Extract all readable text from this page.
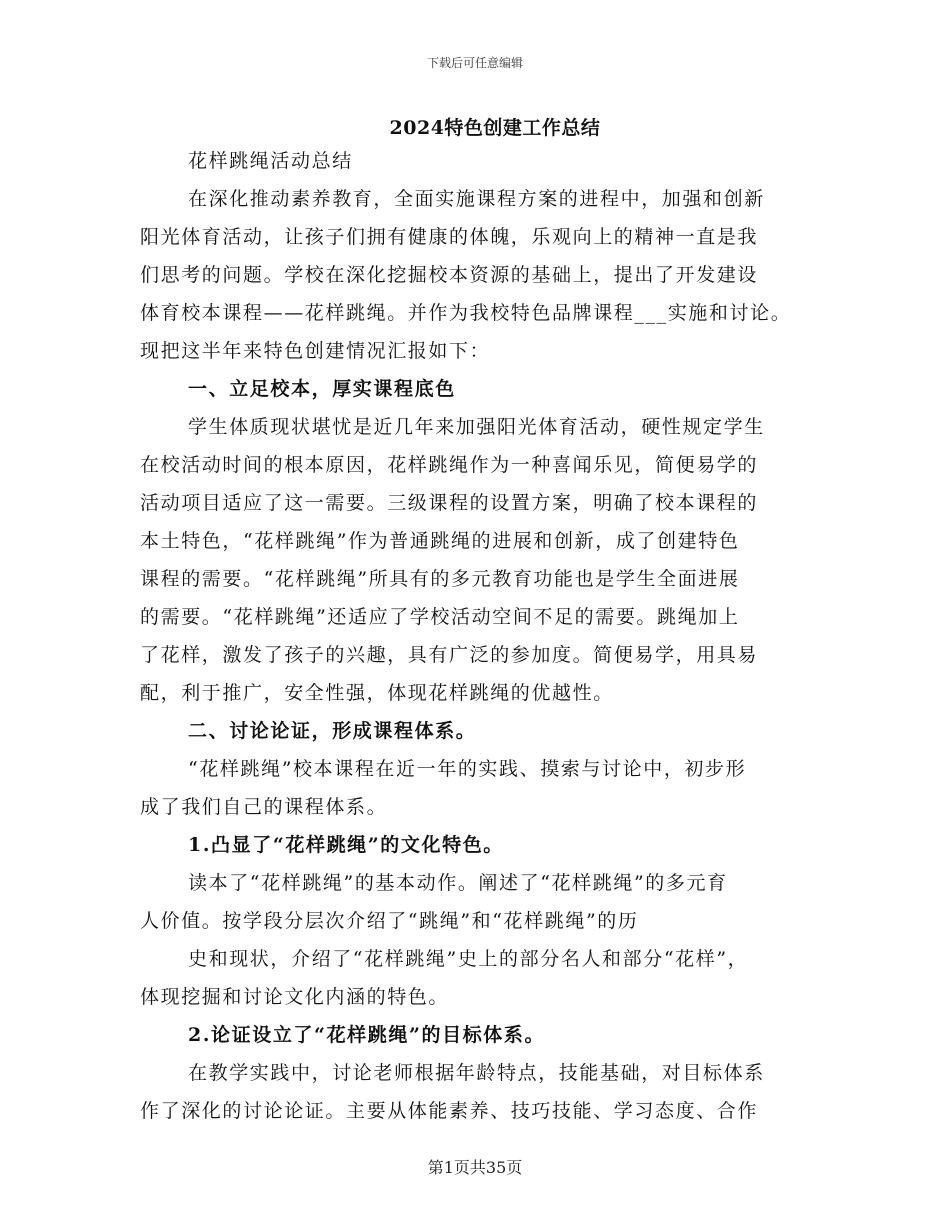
下载后可任意编辑
2024特色创建工作总结
花样跳绳活动总结
在深化推动素养教育，全面实施课程方案的进程中，加强和创新
阳光体育活动，让孩子们拥有健康的体魄，乐观向上的精神一直是我
们思考的问题。学校在深化挖掘校本资源的基础上，提出了开发建设
体育校本课程——花样跳绳。并作为我校特色品牌课程___实施和讨论。
现把这半年来特色创建情况汇报如下：
一、立足校本，厚实课程底色
学生体质现状堪忧是近几年来加强阳光体育活动，硬性规定学生
在校活动时间的根本原因，花样跳绳作为一种喜闻乐见，简便易学的
活动项目适应了这一需要。三级课程的设置方案，明确了校本课程的
本土特色，“花样跳绳”作为普通跳绳的进展和创新，成了创建特色
课程的需要。“花样跳绳”所具有的多元教育功能也是学生全面进展
的需要。“花样跳绳”还适应了学校活动空间不足的需要。跳绳加上
了花样，激发了孩子的兴趣，具有广泛的参加度。简便易学，用具易
配，利于推广，安全性强，体现花样跳绳的优越性。
二、讨论论证，形成课程体系。
“花样跳绳”校本课程在近一年的实践、摸索与讨论中，初步形
成了我们自己的课程体系。
1.凸显了“花样跳绳”的文化特色。
读本了“花样跳绳”的基本动作。阐述了“花样跳绳”的多元育
人价值。按学段分层次介绍了“跳绳”和“花样跳绳”的历
史和现状，介绍了“花样跳绳”史上的部分名人和部分“花样”，
体现挖掘和讨论文化内涵的特色。
2.论证设立了“花样跳绳”的目标体系。
在教学实践中，讨论老师根据年龄特点，技能基础，对目标体系
作了深化的讨论论证。主要从体能素养、技巧技能、学习态度、合作
第1页共35页
